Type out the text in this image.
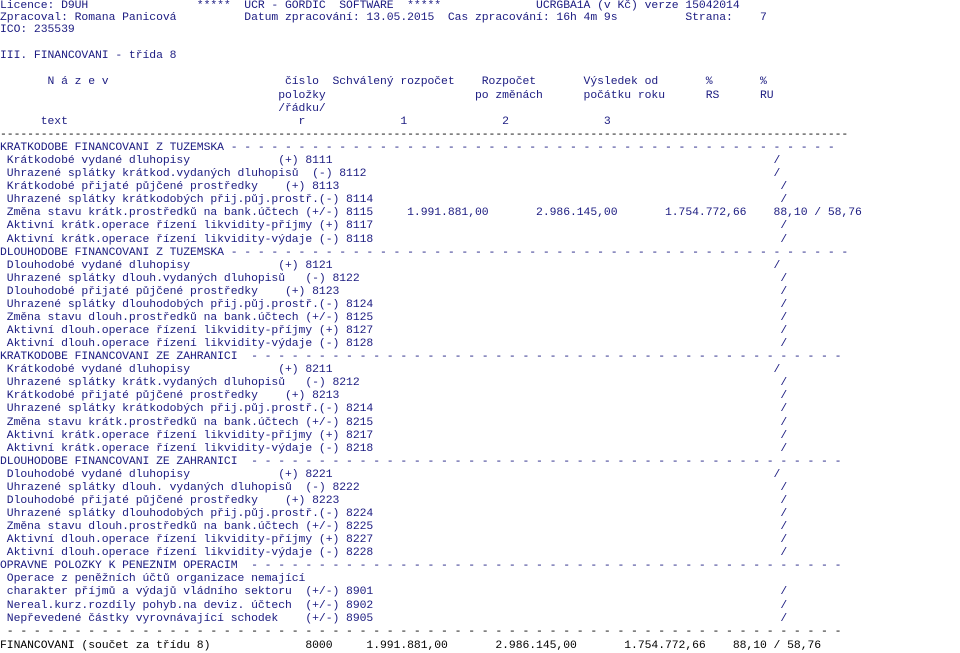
Licence: D9UH                *****  UCR - GORDIC  SOFTWARE  *****              UCRGBA1A (v Kč) verze 15042014
Zpracoval: Romana Panicová          Datum zpracování: 13.05.2015  Čas zpracování: 16h 4m 9s          Strana:    7
IČO: 235539
III. FINANCOVÁNÍ - třída 8
N á z e v                          číslo  Schválený rozpočet    Rozpočet       Výsledek od       %       %
položky                      po změnách      počátku roku      RS      RU
/řádku/
text                                  r              1              2              3
-----------------------------------------------------------------------------------------------------------------------------
KRÁTKODOBÉ FINANCOVÁNÍ Z TUZEMSKA - - - - - - - - - - - - - - - - - - - - - - - - - - - - - - - - - - - - - - - - - - - - -
Krátkodobé vydané dluhopisy             (+) 8111                                                                 /
Uhrazené splátky krátkod.vydaných dluhopisů  (-) 8112                                                            /
Krátkodobé přijaté půjčené prostředky    (+) 8113                                                                 /
Uhrazené splátky krátkodobých přij.půj.prostř.(-) 8114                                                            /
Změna stavu krátk.prostředků na bank.účtech (+/-) 8115     1.991.881,00       2.986.145,00       1.754.772,66    88,10 / 58,76
Aktivní krátk.operace řízení likvidity-příjmy (+) 8117                                                            /
Aktivní krátk.operace řízení likvidity-výdaje (-) 8118                                                            /
DLOUHODOBÉ FINANCOVÁNÍ Z TUZEMSKA - - - - - - - - - - - - - - - - - - - - - - - - - - - - - - - - - - - - - - - - - - - - - -
Dlouhodobé vydané dluhopisy             (+) 8121                                                                 /
Uhrazené splátky dlouh.vydaných dluhopisů   (-) 8122                                                              /
Dlouhodobé přijaté půjčené prostředky    (+) 8123                                                                 /
Uhrazené splátky dlouhodobých přij.půj.prostř.(-) 8124                                                            /
Změna stavu dlouh.prostředků na bank.účtech (+/-) 8125                                                            /
Aktivní dlouh.operace řízení likvidity-příjmy (+) 8127                                                            /
Aktivní dlouh.operace řízení likvidity-výdaje (-) 8128                                                            /
KRÁTKODOBÉ FINANCOVÁNÍ ZE ZAHRANIČÍ  - - - - - - - - - - - - - - - - - - - - - - - - - - - - - - - - - - - - - - - - - - - -
Krátkodobé vydané dluhopisy             (+) 8211                                                                 /
Uhrazené splátky krátk.vydaných dluhopisů   (-) 8212                                                              /
Krátkodobé přijaté půjčené prostředky    (+) 8213                                                                 /
Uhrazené splátky krátkodobých přij.půj.prostř.(-) 8214                                                            /
Změna stavu krátk.prostředků na bank.účtech (+/-) 8215                                                            /
Aktivní krátk.operace řízení likvidity-příjmy (+) 8217                                                            /
Aktivní krátk.operace řízení likvidity-výdaje (-) 8218                                                            /
DLOUHODOBÉ FINANCOVÁNÍ ZE ZAHRANIČÍ  - - - - - - - - - - - - - - - - - - - - - - - - - - - - - - - - - - - - - - - - - - - -
Dlouhodobé vydané dluhopisy             (+) 8221                                                                 /
Uhrazené splátky dlouh. vydaných dluhopisů  (-) 8222                                                              /
Dlouhodobé přijaté půjčené prostředky    (+) 8223                                                                 /
Uhrazené splátky dlouhodobých přij.půj.prostř.(-) 8224                                                            /
Změna stavu dlouh.prostředků na bank.účtech (+/-) 8225                                                            /
Aktivní dlouh.operace řízení likvidity-příjmy (+) 8227                                                            /
Aktivní dlouh.operace řízení likvidity-výdaje (-) 8228                                                            /
OPRAVNÉ POLOŽKY K PENĚŽNÍM OPERACÍM  - - - - - - - - - - - - - - - - - - - - - - - - - - - - - - - - - - - - - - - - - - - -
Operace z peněžních účtů organizace nemající
charakter příjmů a výdajů vládního sektoru  (+/-) 8901                                                            /
Nereal.kurz.rozdíly pohyb.na deviz. účtech  (+/-) 8902                                                            /
Nepřevedené částky vyrovnávající schodek    (+/-) 8905                                                            /
- - - - - - - - - - - - - - - - - - - - - - - - - - - - - - - - - - - - - - - - - - - - - - - - - - - - - - - - - - - - - -
FINANCOVÁNÍ (součet za třídu 8)              8000     1.991.881,00       2.986.145,00       1.754.772,66    88,10 / 58,76
